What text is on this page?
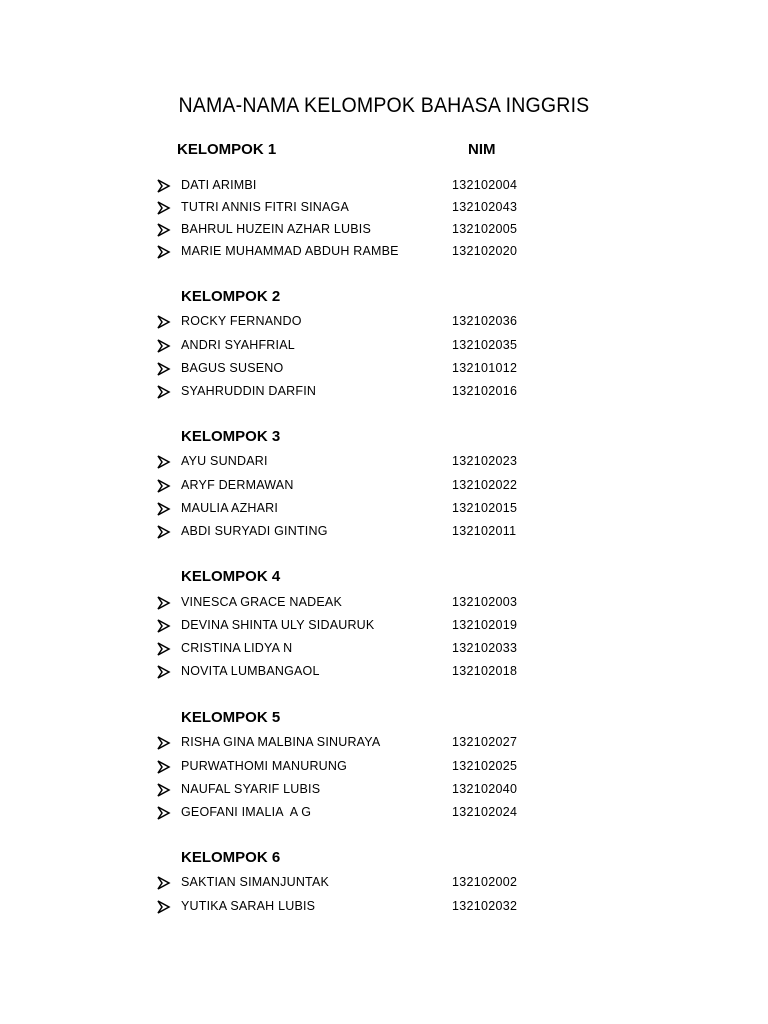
NAMA-NAMA KELOMPOK BAHASA INGGRIS
KELOMPOK 1	NIM
DATI ARIMBI	132102004
TUTRI ANNIS FITRI SINAGA	132102043
BAHRUL HUZEIN AZHAR LUBIS	132102005
MARIE MUHAMMAD ABDUH RAMBE	132102020
KELOMPOK 2
ROCKY FERNANDO	132102036
ANDRI SYAHFRIAL	132102035
BAGUS SUSENO	132101012
SYAHRUDDIN DARFIN	132102016
KELOMPOK 3
AYU SUNDARI	132102023
ARYF DERMAWAN	132102022
MAULIA AZHARI	132102015
ABDI SURYADI GINTING	132102011
KELOMPOK 4
VINESCA GRACE NADEAK	132102003
DEVINA SHINTA ULY SIDAURUK	132102019
CRISTINA LIDYA N	132102033
NOVITA LUMBANGAOL	132102018
KELOMPOK 5
RISHA GINA MALBINA SINURAYA	132102027
PURWATHOMI MANURUNG	132102025
NAUFAL SYARIF LUBIS	132102040
GEOFANI IMALIA  A G	132102024
KELOMPOK 6
SAKTIAN SIMANJUNTAK	132102002
YUTIKA SARAH LUBIS	132102032
